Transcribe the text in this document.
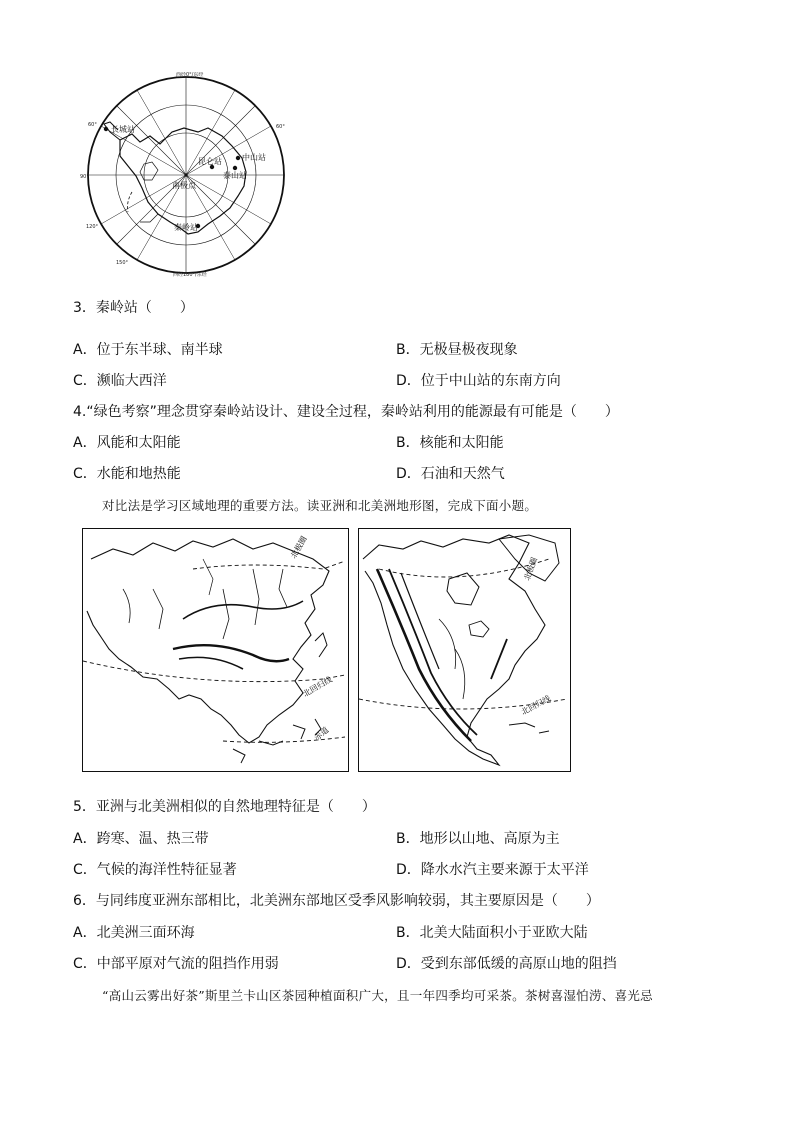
长城站
昆仑站	中山站
泰山站
南极点
秦岭站
西经0°/东经
西经180°/东经
60°
90°
120°
150°
60°
3．秦岭站（　　）
A．位于东半球、南半球	B．无极昼极夜现象
C．濒临大西洋	D．位于中山站的东南方向
4.“绿色考察”理念贯穿秦岭站设计、建设全过程，秦岭站利用的能源最有可能是（　　）
A．风能和太阳能	B．核能和太阳能
C．水能和地热能	D．石油和天然气
对比法是学习区域地理的重要方法。读亚洲和北美洲地形图，完成下面小题。
北极圈
北回归线
赤道
北极圈
北回归线
5．亚洲与北美洲相似的自然地理特征是（　　）
A．跨寒、温、热三带	B．地形以山地、高原为主
C．气候的海洋性特征显著	D．降水水汽主要来源于太平洋
6．与同纬度亚洲东部相比，北美洲东部地区受季风影响较弱，其主要原因是（　　）
A．北美洲三面环海	B．北美大陆面积小于亚欧大陆
C．中部平原对气流的阻挡作用弱	D．受到东部低缓的高原山地的阻挡
“高山云雾出好茶”斯里兰卡山区茶园种植面积广大，且一年四季均可采茶。茶树喜湿怕涝、喜光忌
